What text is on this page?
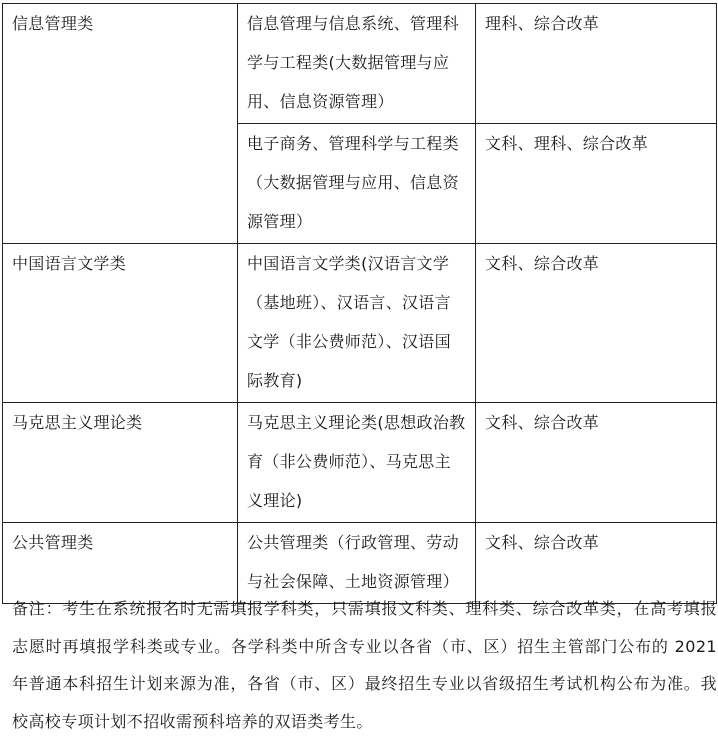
信息管理类	信息管理与信息系统、管理科学与工程类(大数据管理与应用、信息资源管理）	理科、综合改革
	电子商务、管理科学与工程类（大数据管理与应用、信息资源管理）	文科、理科、综合改革
中国语言文学类	中国语言文学类(汉语言文学（基地班）、汉语言、汉语言文学（非公费师范）、汉语国际教育)	文科、综合改革
马克思主义理论类	马克思主义理论类(思想政治教育（非公费师范）、马克思主义理论)	文科、综合改革
公共管理类	公共管理类（行政管理、劳动与社会保障、土地资源管理）	文科、综合改革
备注：考生在系统报名时无需填报学科类，只需填报文科类、理科类、综合改革类，在高考填报志愿时再填报学科类或专业。各学科类中所含专业以各省（市、区）招生主管部门公布的 2021 年普通本科招生计划来源为准，各省（市、区）最终招生专业以省级招生考试机构公布为准。我校高校专项计划不招收需预科培养的双语类考生。
